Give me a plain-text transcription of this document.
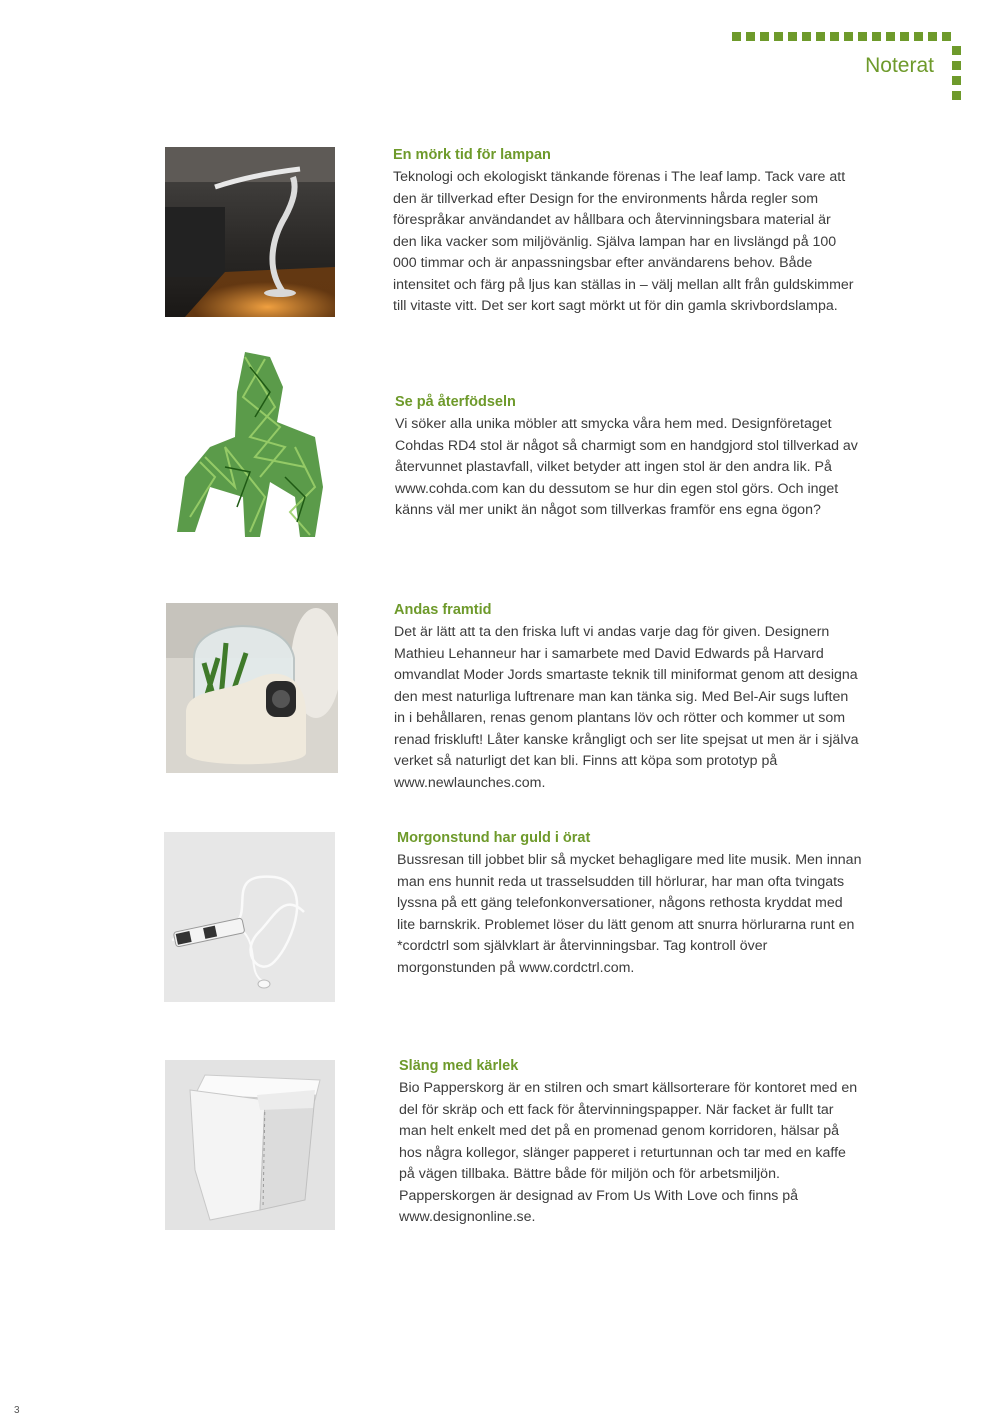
Noterat
En mörk tid för lampan

Teknologi och ekologiskt tänkande förenas i The leaf lamp. Tack vare att den är tillverkad efter Design for the environments hårda regler som förespråkar användandet av hållbara och återvinningsbara material är den lika vacker som miljövänlig. Själva lampan har en livslängd på 100 000 timmar och är anpassningsbar efter användarens behov. Både intensitet och färg på ljus kan ställas in – välj mellan allt från guldskimmer till vitaste vitt. Det ser kort sagt mörkt ut för din gamla skrivbordslampa.

Se på återfödseln

Vi söker alla unika möbler att smycka våra hem med. Designföretaget Cohdas RD4 stol är något så charmigt som en handgjord stol tillverkad av återvunnet plastavfall, vilket betyder att ingen stol är den andra lik. På www.cohda.com kan du dessutom se hur din egen stol görs. Och inget känns väl mer unikt än något som tillverkas framför ens egna ögon?

Andas framtid

Det är lätt att ta den friska luft vi andas varje dag för given. Designern Mathieu Lehanneur har i samarbete med David Edwards på Harvard omvandlat Moder Jords smartaste teknik till miniformat genom att designa den mest naturliga luftrenare man kan tänka sig. Med Bel-Air sugs luften in i behållaren, renas genom plantans löv och rötter och kommer ut som renad friskluft! Låter kanske krångligt och ser lite spejsat ut men är i själva verket så naturligt det kan bli. Finns att köpa som prototyp på www.newlaunches.com.

Morgonstund har guld i örat

Bussresan till jobbet blir så mycket behagligare med lite musik. Men innan man ens hunnit reda ut trasselsudden till hörlurar, har man ofta tvingats lyssna på ett gäng telefonkonversationer, någons rethosta kryddat med lite barnskrik. Problemet löser du lätt genom att snurra hörlurarna runt en *cordctrl som självklart är återvinningsbar. Tag kontroll över morgonstunden på www.cordctrl.com.

Släng med kärlek

Bio Papperskorg är en stilren och smart källsorterare för kontoret med en del för skräp och ett fack för återvinningspapper. När facket är fullt tar man helt enkelt med det på en promenad genom korridoren, hälsar på hos några kollegor, slänger papperet i returtunnan och tar med en kaffe på vägen tillbaka. Bättre både för miljön och för arbetsmiljön. Papperskorgen är designad av From Us With Love och finns på www.designonline.se.

3
